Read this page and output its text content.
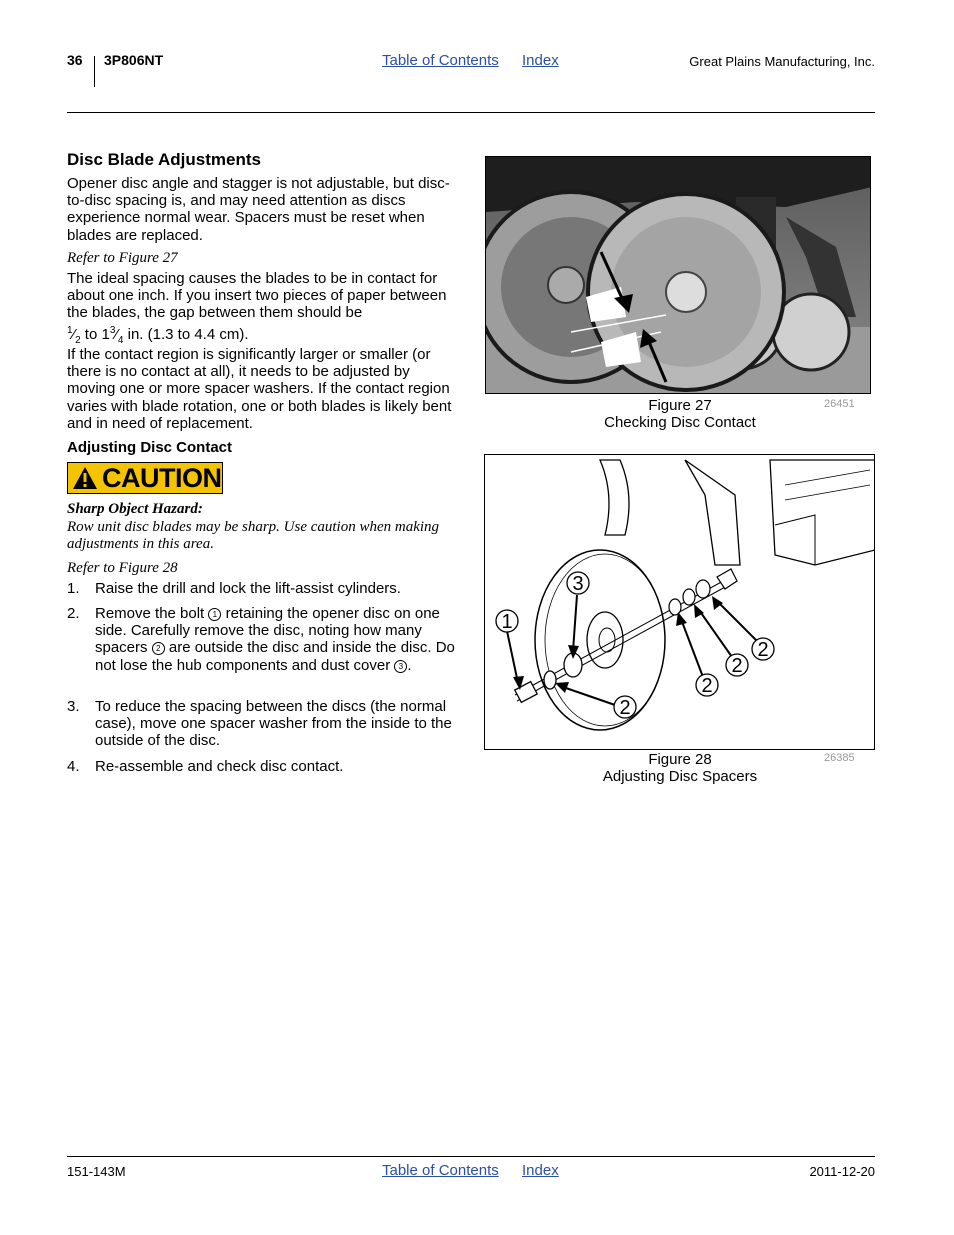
36 3P806NT	Table of Contents Index	Great Plains Manufacturing, Inc.
Disc Blade Adjustments
Opener disc angle and stagger is not adjustable, but disc-to-disc spacing is, and may need attention as discs experience normal wear. Spacers must be reset when blades are replaced.
Refer to Figure 27
The ideal spacing causes the blades to be in contact for about one inch. If you insert two pieces of paper between the blades, the gap between them should be
$^1⁄_2$ to $1^3⁄_4$ in. (1.3 to 4.4 cm).
If the contact region is significantly larger or smaller (or there is no contact at all), it needs to be adjusted by moving one or more spacer washers. If the contact region varies with blade rotation, one or both blades is likely bent and in need of replacement.
Adjusting Disc Contact
CAUTION
Sharp Object Hazard:
Row unit disc blades may be sharp. Use caution when making adjustments in this area.
Refer to Figure 28
1.	Raise the drill and lock the lift-assist cylinders.
2.	Remove the bolt 1 retaining the opener disc on one side. Carefully remove the disc, noting how many spacers 2 are outside the disc and inside the disc. Do not lose the hub components and dust cover 3 .
3.	To reduce the spacing between the discs (the normal case), move one spacer washer from the inside to the outside of the disc.
4.	Re-assemble and check disc contact.
Figure 27
Checking Disc Contact
26451
3
1
2
2
2
2
Figure 28
Adjusting Disc Spacers
26385
151-143M	Table of Contents Index	2011-12-20
